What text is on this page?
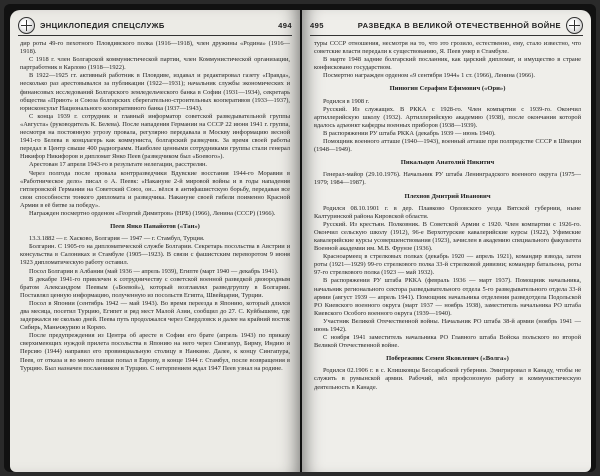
ЭНЦИКЛОПЕДИЯ СПЕЦСЛУЖБ	494

дир роты 49-го пехотного Пловдивского полка (1916—1918), член дружины «Родина» (1916—1918).

С 1918 г. член Болгарской коммунистической партии, член Коммунистической организации, партработник в Карлово (1918—1922).

В 1922—1925 гг. активный работник в Пловдиве, издавал и редактировал газету «Правда», несколько раз арестовывался за публикации (1922—1931); начальник службы экономических и финансовых исследований Болгарского земледельческого банка в Софии (1931—1934), секретарь общества «Приют» и Союза болгарских сберегательно-строительных кооперативов (1933—1937), юрисконсульт Национального кооперативного банка (1937—1943).

С конца 1939 г. сотрудник и главный информатор советской разведывательной группы «Августа» (руководитель К. Белева). После нападения Германии на СССР 22 июня 1941 г. группа, несмотря на постоянную угрозу провала, регулярно передавала в Москву информацию весной 1941-го Белева в концлагерь как коммуниста, болгарский разведчик. За время своей работы передал в Центр свыше 400 радиограмм. Наиболее ценными сотрудниками группы стали генерал Никифор Никифоров и дипломат Янко Пеев (разведчиком был «Боевого»).

Арестован 17 апреля 1943-го в результате нелегации, расстрелян.

Через полгода после провала контрразведчики Вдувские восстания 1944-го Моравии в «Работническое дело» писал о А. Пеевк: «Накануне 2-й мировой войны и в годы нападения гитлеровской Германии на Советский Союз, он... вёлся в антифашистскую борьбу, передавая все свои способности тонкого дипломата и разведчика. Накануне своей гибели поименно Красной Армии в её битве за победу».

Награжден посмертно орденом «Георгий Димитров» (НРБ) (1966), Ленина (СССР) (1966).

Пеев Янко Панайотов («Тан»)

13.3.1882 — г. Хасково, Болгария — 1947 — г. Стамбул, Турция.

Болгарин. С 1905-го на дипломатической службе Болгарии. Секретарь посольства в Австрии и консульства в Салониках и Стамбуле (1905—1923). В связи с фашистским переворотом 9 июня 1923 дипломатическую работу оставил.

Посол Болгарии в Албании (май 1936 — апрель 1939), Египте (март 1940 — декабрь 1941).

В декабре 1941-го привлечен к сотрудничеству с советской военной разведкой двоюродным братом Александром Пеевым («Боевой»), который возглавлял разведгруппу в Болгарии. Поставлял ценную информацию, полученную из посольств Египта, Швейцарии, Турции.

Посол в Японии (сентябрь 1942 — май 1943). Во время переезда в Японию, который длился два месяца, посетил Турцию, Египет и ряд мест Малой Азии, сообщил до 27. С. Куйбышеве, где задержался не сколько дней. Пеева путь продолжался через Свердловск и далее на крайний восток Сибирь, Маньчжурию и Корею.

После предупреждения из Центра об аресте в Софии его брате (апрель 1943) по приказу сверхимеющих нуждой прилета посольства в Японию на него через Сингапур, Бирму, Индию и Персию (1944) направил его провинциальную столицу в Нанкине. Далее, к концу Сингапура, Пеев, от отказа и во много пешки попал в Европу, в конце 1944 г. Стамбул, после возвращения в Турцию. Был назначен посланником в Турцию. С нетерпением ждал 1947 Пеев узнал на родине.

495	РАЗВЕДКА В ВЕЛИКОЙ ОТЕЧЕСТВЕННОЙ ВОЙНЕ

туры СССР отношения, несмотря на то, что это грозило, естественно, ему, стало известно, что советские власти передали к существованию, Я. Пеев умер в Стамбуле.

В марте 1948 задние болгарский посланник, как царский дипломат, и имущество в стране конфисковано государством.

Посмертно награжден орденом «9 сентября 1944» 1 ст. (1966), Ленина (1966).

Пинюгин Серафим Ефимович («Ори»)

Родился в 1908 г.

Русский. Из служащих. В РККА с 1928-го. Член компартии с 1939-го. Окончил артиллерийскую школу (1932). Артиллерийскую академию (1938), после окончания которой вдалось адъюнкт кафедры военных приборов (1938—1939).

В распоряжении РУ штаба РККА (декабрь 1939 — июнь 1940).

Помощник военного атташе (1940—1943), военный атташе при полпредстве СССР в Швеции (1948—1949).

Пикальцев Анатолий Никитич

Генерал-майор (29.10.1976). Начальник РУ штаба Ленинградского военного округа (1975—1979; 1984—1987).

Плехнов Дмитрий Иванович

Родился 08.10.1901 г. в дер. Плавково Орловского уезда Вятской губернии, ныне Калтуринской района Кировской области.

Русский. Из крестьян. Полковник. В Советской Армии с 1920. Член компартии с 1926-го. Окончил сельскую школу (1912), 96-е Верхотурские кавалерийские курсы (1922), Уфимские кавалерийские курсы усовершенствования (1923), зачислен в академию специального факультета Военной академии им. М.В. Фрунзе (1936).

Красноармеец в стрелковых полках (декабрь 1920 — апрель 1921), командир взвода, затем роты (1921—1929) 99-го стрелкового полка 33-й стрелковой дивизии; командир батальона, роты 97-го стрелкового полка (1923 — май 1932).

В распоряжении РУ штаба РККА (февраль 1936 — март 1937). Помощник начальника, начальник регионального сектора разведывательного отдела 5-го разведывательного отдела 33-й армии (август 1939 — апрель 1941). Помощник начальника отделения разведотдела Подольской РО Киевского военного округа (март 1937 — ноябрь 1938), заместитель начальника РО штаба Киевского Особого военного округа (1939—1940).

Участник Великой Отечественной войны. Начальник РО штаба 38-й армии (ноябрь 1941 — июнь 1942).

С ноября 1941 заместитель начальника РО Главного штаба Войска польского во второй Великой Отечественной войне.

Побережник Семен Яковлевич («Волга»)

Родился 02.1906 г. в с. Клишковцы Бессарабской губернии. Эмигрировал в Канаду, чтобы не служить в румынской армии. Рабочий, вёл профсоюзную работу и коммунистическую деятельность в Канаде.
